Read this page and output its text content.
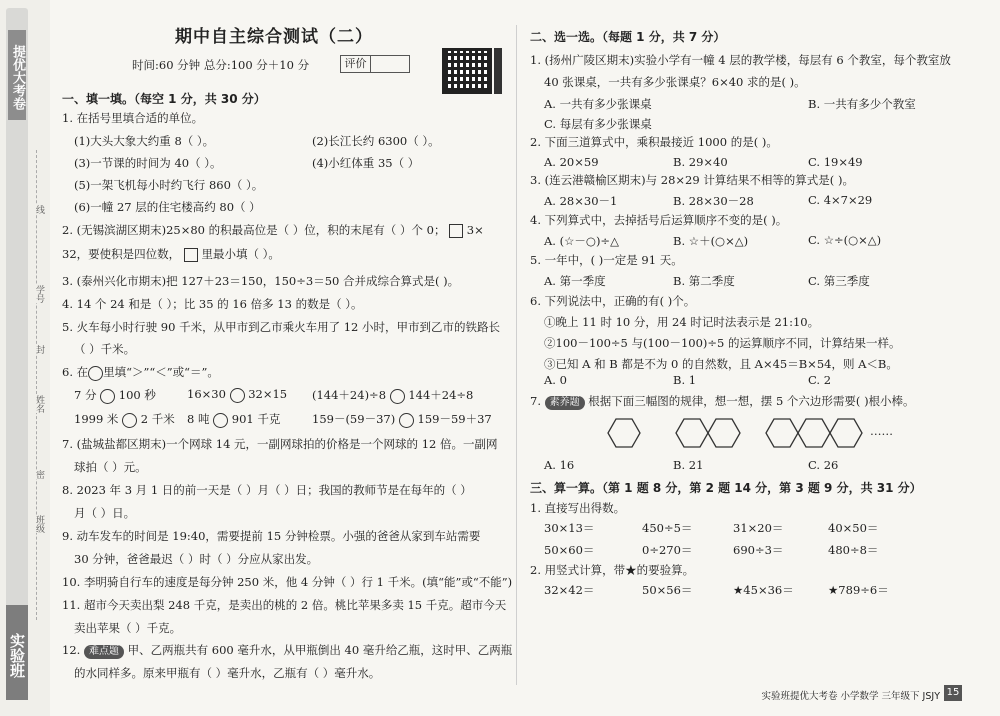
提优大考卷
线
学号
封
姓名
密
班级
实验班
期中自主综合测试（二）
时间:60 分钟 总分:100 分＋10 分	评价
一、填一填。（每空 1 分，共 30 分）
1. 在括号里填合适的单位。
(1)大头大象大约重 8（ ）。	(2)长江长约 6300（ ）。
(3)一节课的时间为 40（ ）。	(4)小红体重 35（ ）
(5)一架飞机每小时约飞行 860（ ）。
(6)一幢 27 层的住宅楼高约 80（ ）
2. (无锡滨湖区期末)25×80 的积最高位是（ ）位，积的末尾有（ ）个 0； 3×
32，要使积是四位数， 里最小填（ ）。
3. (泰州兴化市期末)把 127＋23＝150，150÷3＝50 合并成综合算式是( )。
4. 14 个 24 和是（ ）；比 35 的 16 倍多 13 的数是（ ）。
5. 火车每小时行驶 90 千米，从甲市到乙市乘火车用了 12 小时，甲市到乙市的铁路长
（ ）千米。
6. 在 里填“＞”“＜”或“＝”。
7 分 100 秒	16×30 32×15 (144＋24)÷8 144＋24÷8
1999 米 2 千米 8 吨 901 千克	159－(59－37) 159－59＋37
7. (盐城盐都区期末)一个网球 14 元，一副网球拍的价格是一个网球的 12 倍。一副网
球拍（ ）元。
8. 2023 年 3 月 1 日的前一天是（ ）月（ ）日；我国的教师节是在每年的（ ）
月（ ）日。
9. 动车发车的时间是 19:40，需要提前 15 分钟检票。小强的爸爸从家到车站需要
30 分钟，爸爸最迟（ ）时（ ）分应从家出发。
10. 李明骑自行车的速度是每分钟 250 米，他 4 分钟（ ）行 1 千米。(填“能”或“不能”)
11. 超市今天卖出梨 248 千克，是卖出的桃的 2 倍。桃比苹果多卖 15 千克。超市今天
卖出苹果（ ）千克。
12. 难点题 甲、乙两瓶共有 600 毫升水，从甲瓶倒出 40 毫升给乙瓶，这时甲、乙两瓶
的水同样多。原来甲瓶有（ ）毫升水，乙瓶有（ ）毫升水。
二、选一选。（每题 1 分，共 7 分）
1. (扬州广陵区期末)实验小学有一幢 4 层的教学楼，每层有 6 个教室，每个教室放
40 张课桌，一共有多少张课桌？6×40 求的是( )。
A. 一共有多少张课桌	B. 一共有多少个教室
C. 每层有多少张课桌
2. 下面三道算式中，乘积最接近 1000 的是( )。
A. 20×59	B. 29×40	C. 19×49
3. (连云港赣榆区期末)与 28×29 计算结果不相等的算式是( )。
A. 28×30－1	B. 28×30－28	C. 4×7×29
4. 下列算式中，去掉括号后运算顺序不变的是( )。
A. (☆－○)÷△	B. ☆＋(○×△)	C. ☆÷(○×△)
5. 一年中，( )一定是 91 天。
A. 第一季度	B. 第二季度	C. 第三季度
6. 下列说法中，正确的有( )个。
①晚上 11 时 10 分，用 24 时记时法表示是 21:10。
②100－100÷5 与(100－100)÷5 的运算顺序不同，计算结果一样。
③已知 A 和 B 都是不为 0 的自然数，且 A×45＝B×54，则 A＜B。
A. 0	B. 1	C. 2
7. 素养题 根据下面三幅图的规律，想一想，摆 5 个六边形需要( )根小棒。
……
A. 16	B. 21	C. 26
三、算一算。（第 1 题 8 分，第 2 题 14 分，第 3 题 9 分，共 31 分）
1. 直接写出得数。
30×13＝	450÷5＝	31×20＝	40×50＝
50×60＝	0÷270＝	690÷3＝	480÷8＝
2. 用竖式计算，带★的要验算。
32×42＝	50×56＝	★45×36＝	★789÷6＝
实验班提优大考卷 小学数学 三年级下 JSJY 15
